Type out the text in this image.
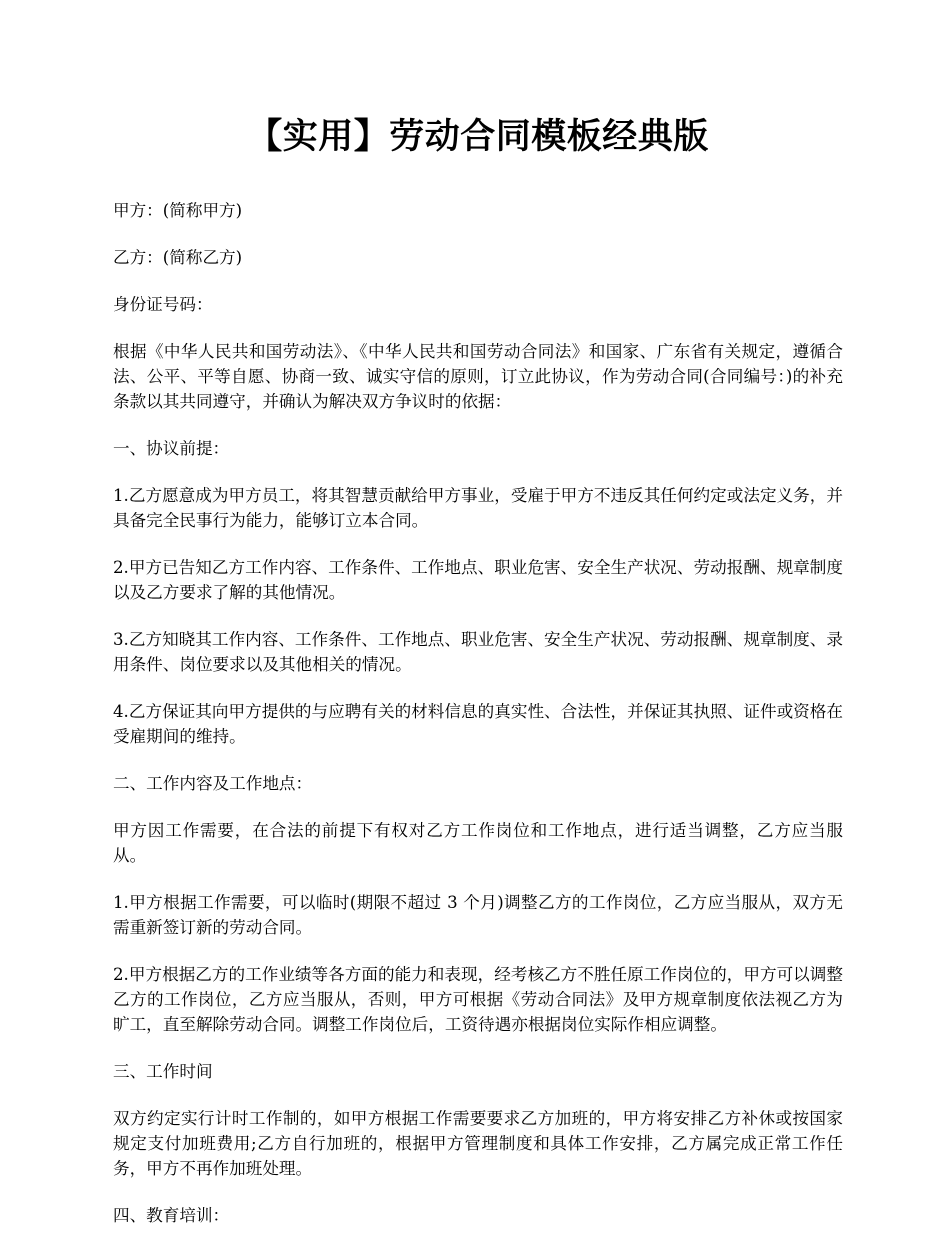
【实用】劳动合同模板经典版

甲方：(简称甲方)

乙方：(简称乙方)

身份证号码：

根据《中华人民共和国劳动法》、《中华人民共和国劳动合同法》和国家、广东省有关规定，遵循合法、公平、平等自愿、协商一致、诚实守信的原则，订立此协议，作为劳动合同(合同编号：)的补充条款以其共同遵守，并确认为解决双方争议时的依据：

一、协议前提：

1.乙方愿意成为甲方员工，将其智慧贡献给甲方事业，受雇于甲方不违反其任何约定或法定义务，并具备完全民事行为能力，能够订立本合同。

2.甲方已告知乙方工作内容、工作条件、工作地点、职业危害、安全生产状况、劳动报酬、规章制度以及乙方要求了解的其他情况。

3.乙方知晓其工作内容、工作条件、工作地点、职业危害、安全生产状况、劳动报酬、规章制度、录用条件、岗位要求以及其他相关的情况。

4.乙方保证其向甲方提供的与应聘有关的材料信息的真实性、合法性，并保证其执照、证件或资格在受雇期间的维持。

二、工作内容及工作地点：

甲方因工作需要，在合法的前提下有权对乙方工作岗位和工作地点，进行适当调整，乙方应当服从。

1.甲方根据工作需要，可以临时(期限不超过 3 个月)调整乙方的工作岗位，乙方应当服从，双方无需重新签订新的劳动合同。

2.甲方根据乙方的工作业绩等各方面的能力和表现，经考核乙方不胜任原工作岗位的，甲方可以调整乙方的工作岗位，乙方应当服从，否则，甲方可根据《劳动合同法》及甲方规章制度依法视乙方为旷工，直至解除劳动合同。调整工作岗位后，工资待遇亦根据岗位实际作相应调整。

三、工作时间

双方约定实行计时工作制的，如甲方根据工作需要要求乙方加班的，甲方将安排乙方补休或按国家规定支付加班费用;乙方自行加班的，根据甲方管理制度和具体工作安排，乙方属完成正常工作任务，甲方不再作加班处理。

四、教育培训：
